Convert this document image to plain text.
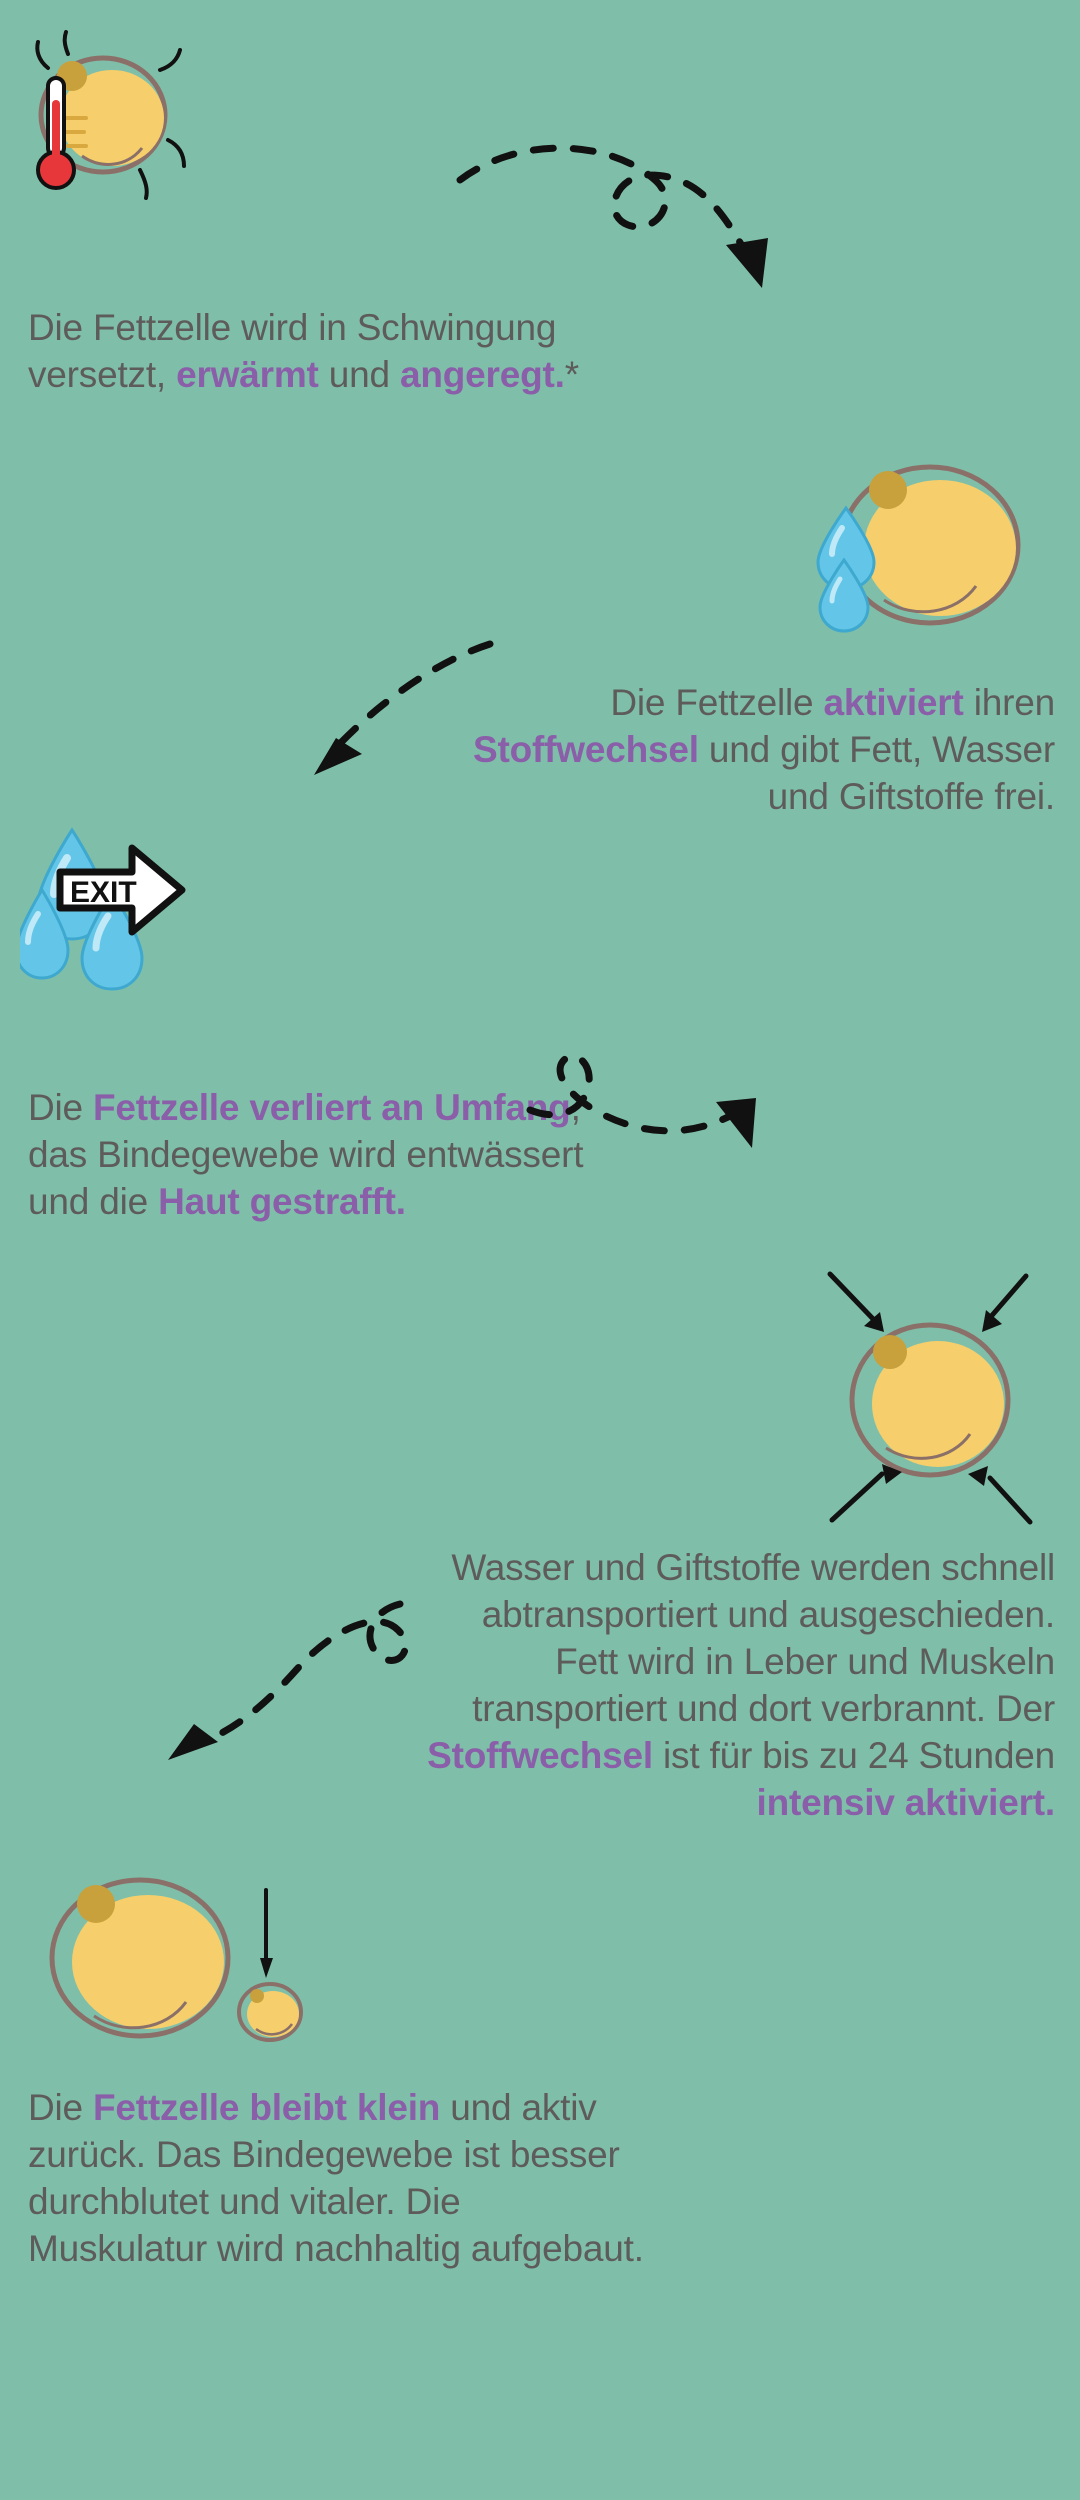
Die Fettzelle wird in Schwingung versetzt, erwärmt und angeregt.*
Die Fettzelle aktiviert ihren Stoffwechsel und gibt Fett, Wasser und Giftstoffe frei.
EXIT
Die Fettzelle verliert an Umfang, das Bindegewebe wird entwässert und die Haut gestrafft.
Wasser und Giftstoffe werden schnell abtransportiert und ausgeschieden. Fett wird in Leber und Muskeln transportiert und dort verbrannt. Der Stoffwechsel ist für bis zu 24 Stunden intensiv aktiviert.
Die Fettzelle bleibt klein und aktiv zurück. Das Bindegewebe ist besser durchblutet und vitaler. Die Muskulatur wird nachhaltig aufgebaut.
